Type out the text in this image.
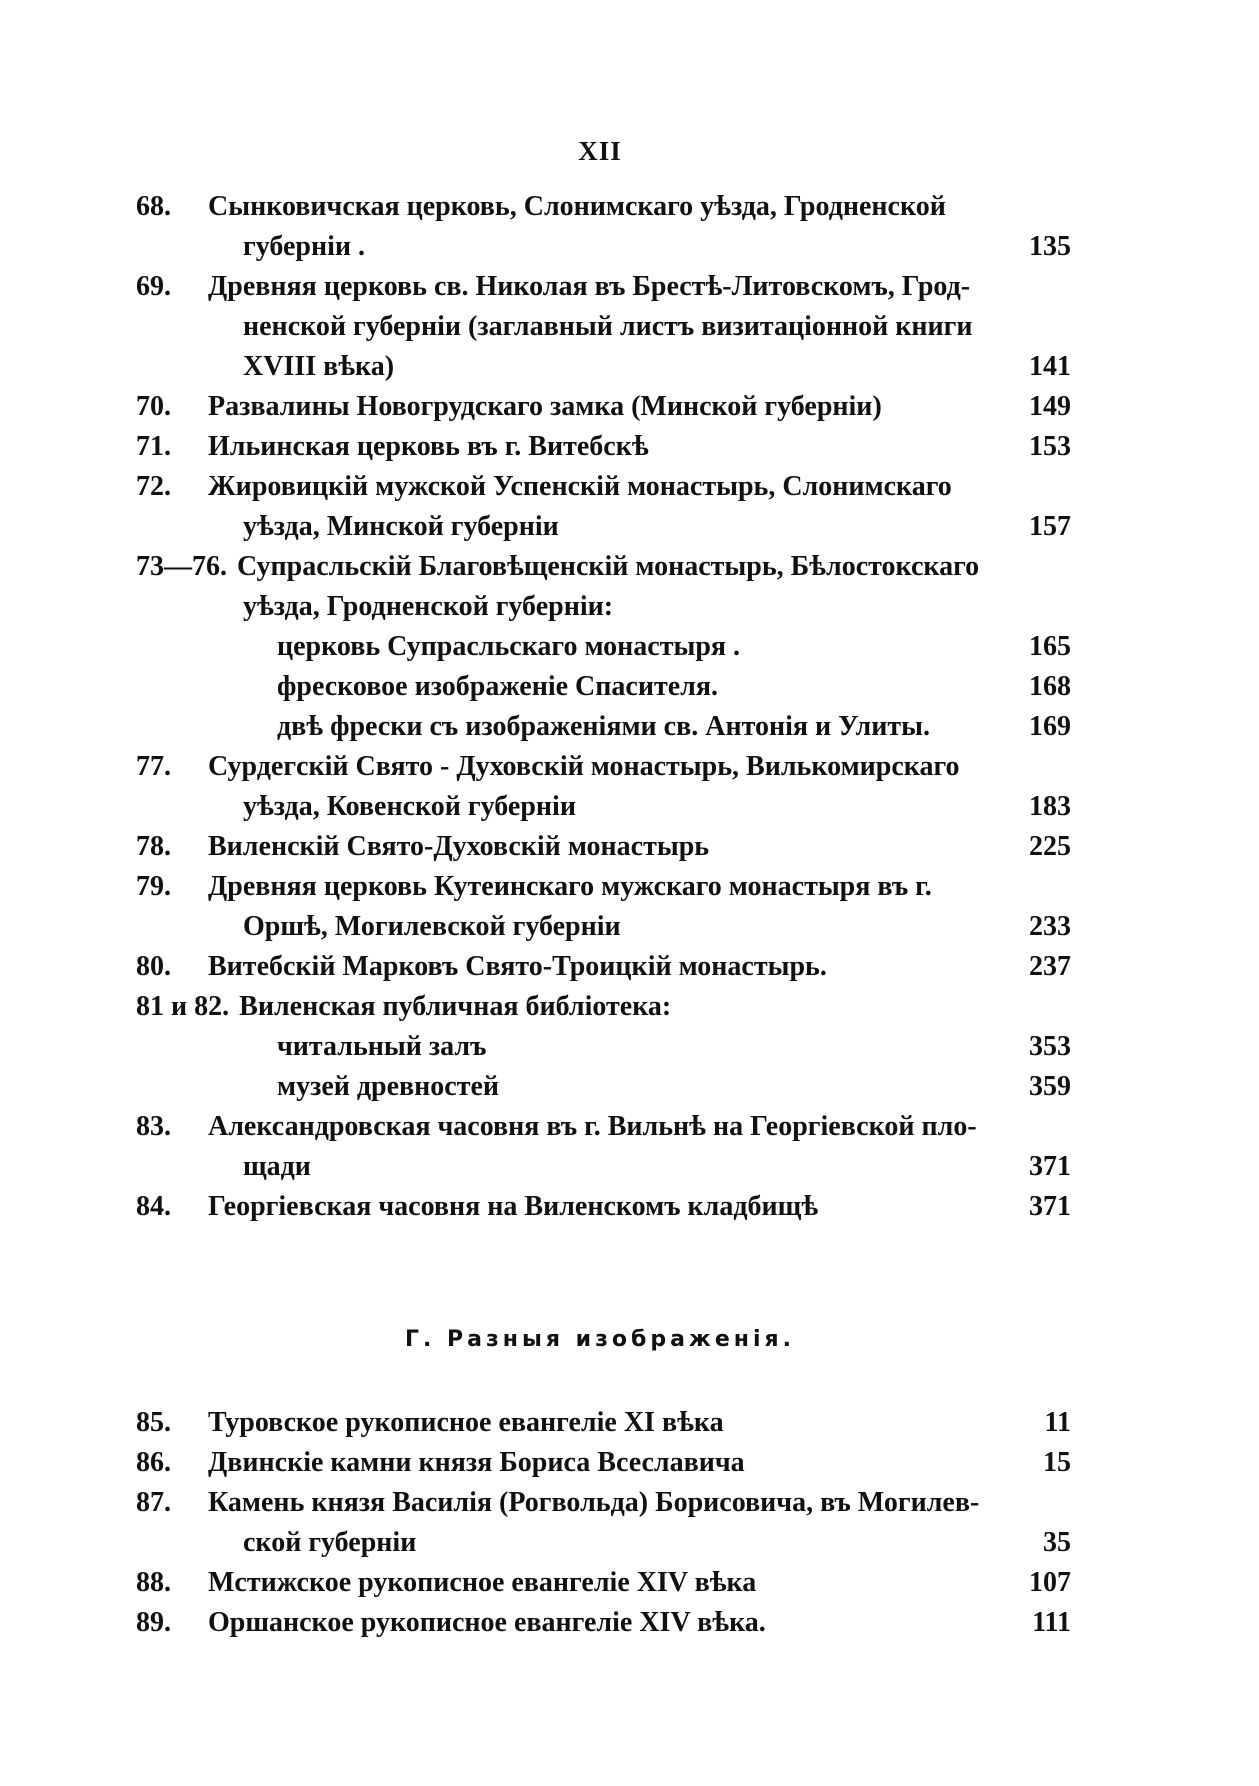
XII
68.	Сынковичская церковь, Слонимскаго уѣзда, Гродненской
губерніи .	135
69.	Древняя церковь св. Николая въ Брестѣ-Литовскомъ, Грод-
ненской губерніи (заглавный листъ визитаціонной книги
XVIII вѣка)	141
70.	Развалины Новогрудскаго замка (Минской губерніи)	149
71.	Ильинская церковь въ г. Витебскѣ	153
72.	Жировицкій мужской Успенскій монастырь, Слонимскаго
уѣзда, Минской губерніи	157
73—76. Супрасльскій Благовѣщенскій монастырь, Бѣлостокскаго
уѣзда, Гродненской губерніи:
церковь Супрасльскаго монастыря .	165
фресковое изображеніе Спасителя.	168
двѣ фрески съ изображеніями св. Антонія и Улиты.	169
77.	Сурдегскій Свято - Духовскій монастырь, Вилькомирскаго
уѣзда, Ковенской губерніи	183
78.	Виленскій Свято-Духовскій монастырь	225
79.	Древняя церковь Кутеинскаго мужскаго монастыря въ г.
Оршѣ, Могилевской губерніи	233
80.	Витебскій Марковъ Свято-Троицкій монастырь.	237
81 и 82. Виленская публичная библіотека:
читальный залъ	353
музей древностей	359
83.	Александровская часовня въ г. Вильнѣ на Георгіевской пло-
щади	371
84.	Георгіевская часовня на Виленскомъ кладбищѣ	371
Г. Разныя изображенія.
85.	Туровское рукописное евангеліе XI вѣка	11
86.	Двинскіе камни князя Бориса Всеславича	15
87.	Камень князя Василія (Рогвольда) Борисовича, въ Могилев-
ской губерніи	35
88.	Мстижское рукописное евангеліе XIV вѣка	107
89.	Оршанское рукописное евангеліе XIV вѣка.	111
